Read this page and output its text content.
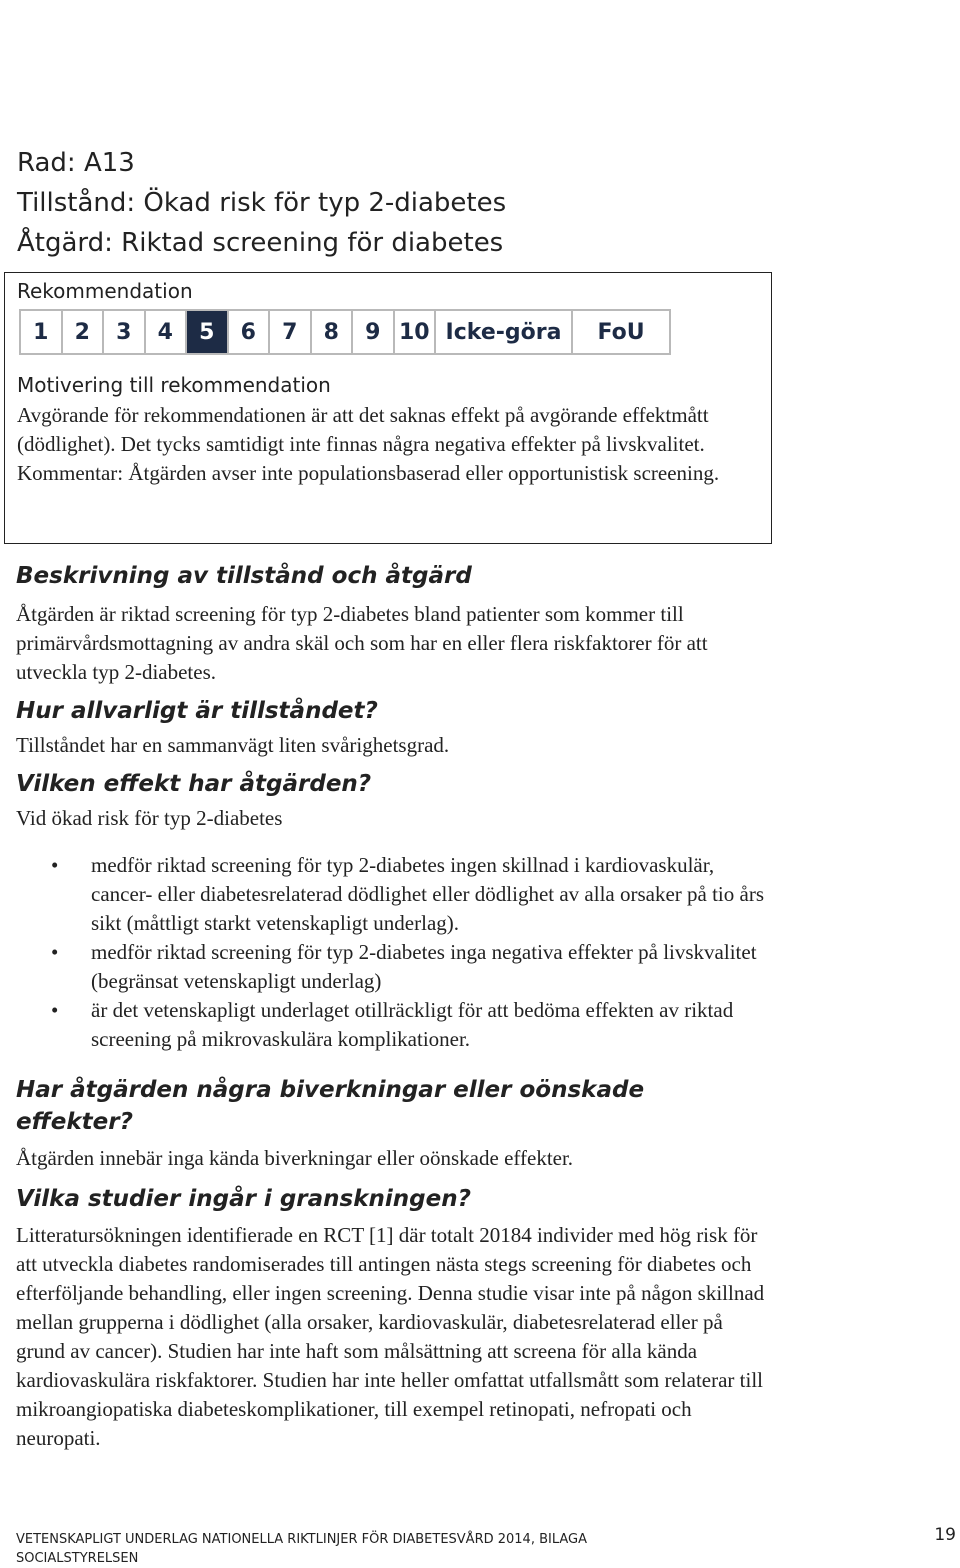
Rad: A13
Tillstånd: Ökad risk för typ 2-diabetes
Åtgärd: Riktad screening för diabetes
Rekommendation
1	2	3	4	5	6	7	8	9 10 Icke-göra	FoU
Motivering till rekommendation

Avgörande för rekommendationen är att det saknas effekt på avgörande effektmått (dödlighet). Det tycks samtidigt inte finnas några negativa effekter på livskvalitet.

Kommentar: Åtgärden avser inte populationsbaserad eller opportunistisk screening.

Beskrivning av tillstånd och åtgärd

Åtgärden är riktad screening för typ 2-diabetes bland patienter som kommer till primärvårdsmottagning av andra skäl och som har en eller flera riskfaktorer för att utveckla typ 2-diabetes.

Hur allvarligt är tillståndet?

Tillståndet har en sammanvägt liten svårighetsgrad.

Vilken effekt har åtgärden?

Vid ökad risk för typ 2-diabetes

• medför riktad screening för typ 2-diabetes ingen skillnad i kardiovaskulär, cancer- eller diabetesrelaterad dödlighet eller dödlighet av alla orsaker på tio års sikt (måttligt starkt vetenskapligt underlag).
• medför riktad screening för typ 2-diabetes inga negativa effekter på livskvalitet (begränsat vetenskapligt underlag)
• är det vetenskapligt underlaget otillräckligt för att bedöma effekten av riktad screening på mikrovaskulära komplikationer.
Har åtgärden några biverkningar eller oönskade effekter?

Åtgärden innebär inga kända biverkningar eller oönskade effekter.

Vilka studier ingår i granskningen?

Litteratursökningen identifierade en RCT [1] där totalt 20184 individer med hög risk för att utveckla diabetes randomiserades till antingen nästa stegs screening för diabetes och efterföljande behandling, eller ingen screening. Denna studie visar inte på någon skillnad mellan grupperna i dödlighet (alla orsaker, kardiovaskulär, diabetesrelaterad eller på grund av cancer). Studien har inte haft som målsättning att screena för alla kända kardiovaskulära riskfaktorer. Studien har inte heller omfattat utfallsmått som relaterar till mikroangiopatiska diabeteskomplikationer, till exempel retinopati, nefropati och neuropati.

VETENSKAPLIGT UNDERLAG NATIONELLA RIKTLINJER FÖR DIABETESVÅRD 2014, BILAGA
SOCIALSTYRELSEN
19
